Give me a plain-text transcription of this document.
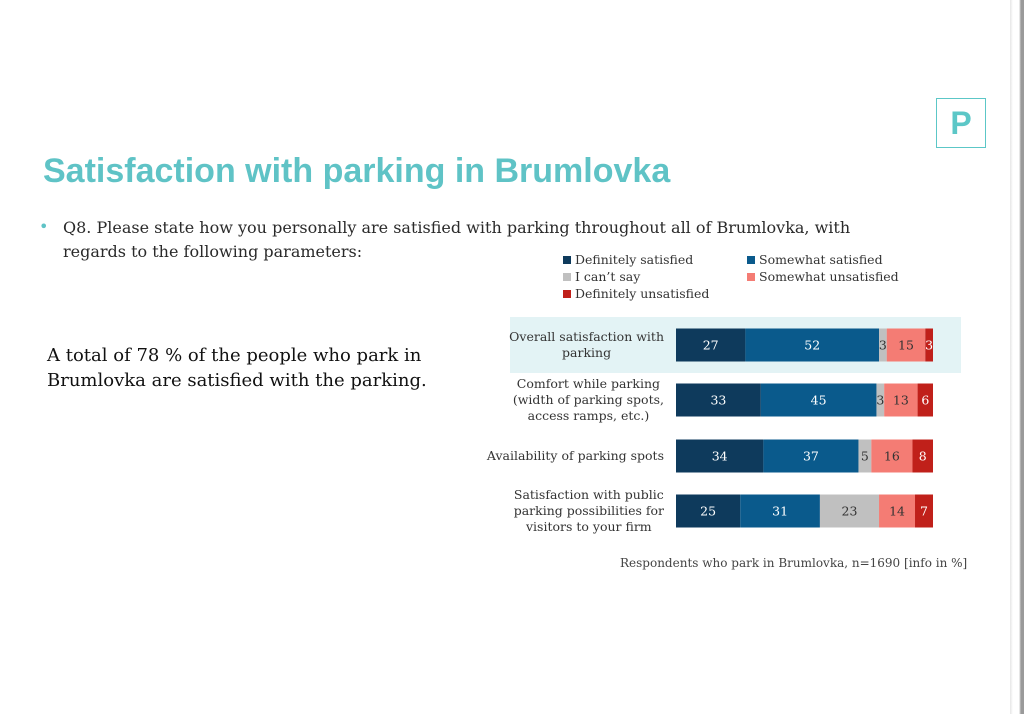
P
Satisfaction with parking in Brumlovka
• Q8. Please state how you personally are satisfied with parking throughout all of Brumlovka, with regards to the following parameters:
A total of 78 % of the people who park in Brumlovka are satisfied with the parking.
Definitely satisfied	Somewhat satisfied
I can’t say	Somewhat unsatisfied
Definitely unsatisfied
Overall satisfaction with
parking	27	52	3 15 3
Comfort while parking
(width of parking spots,
access ramps, etc.)
33	45	3 13 6
Availability of parking spots	34	37	5 16 8
Satisfaction with public
parking possibilities for
visitors to your firm
25	31	23	14 7
Respondents who park in Brumlovka, n=1690 [info in %]
